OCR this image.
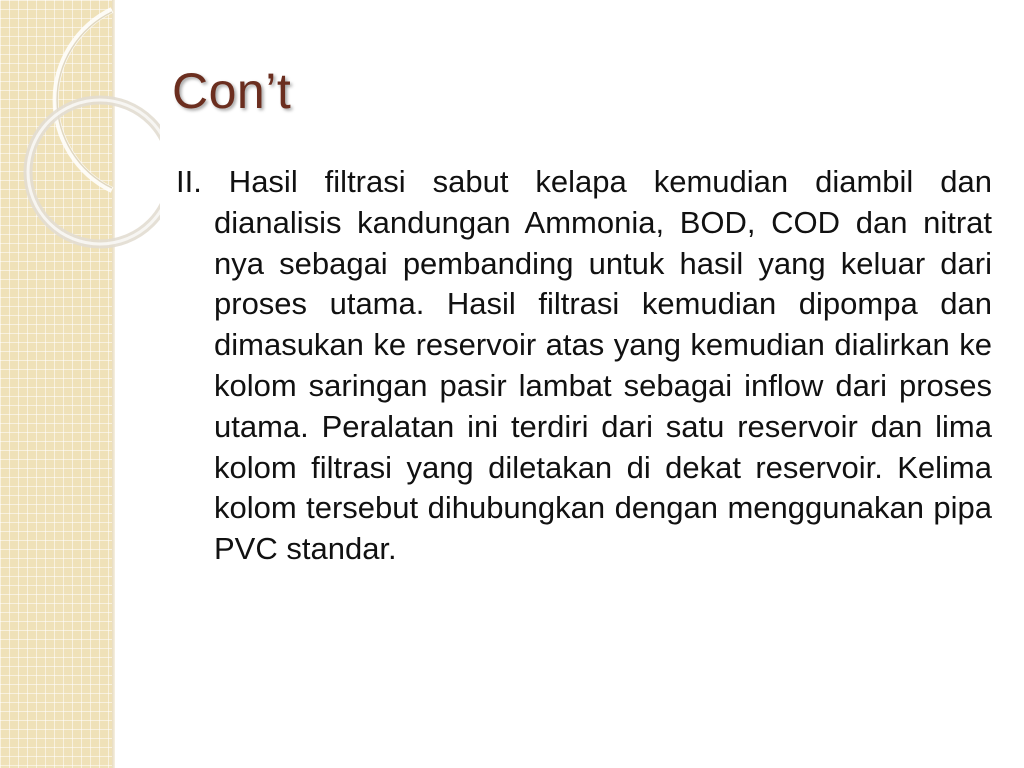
Con’t

II. Hasil filtrasi sabut kelapa kemudian diambil dan dianalisis kandungan Ammonia, BOD, COD dan nitrat nya sebagai pembanding untuk hasil yang keluar dari proses utama. Hasil filtrasi kemudian dipompa dan dimasukan ke reservoir atas yang kemudian dialirkan ke kolom saringan pasir lambat sebagai inflow dari proses utama. Peralatan ini terdiri dari satu reservoir dan lima kolom filtrasi yang diletakan di dekat reservoir. Kelima kolom tersebut dihubungkan dengan menggunakan pipa PVC standar.
